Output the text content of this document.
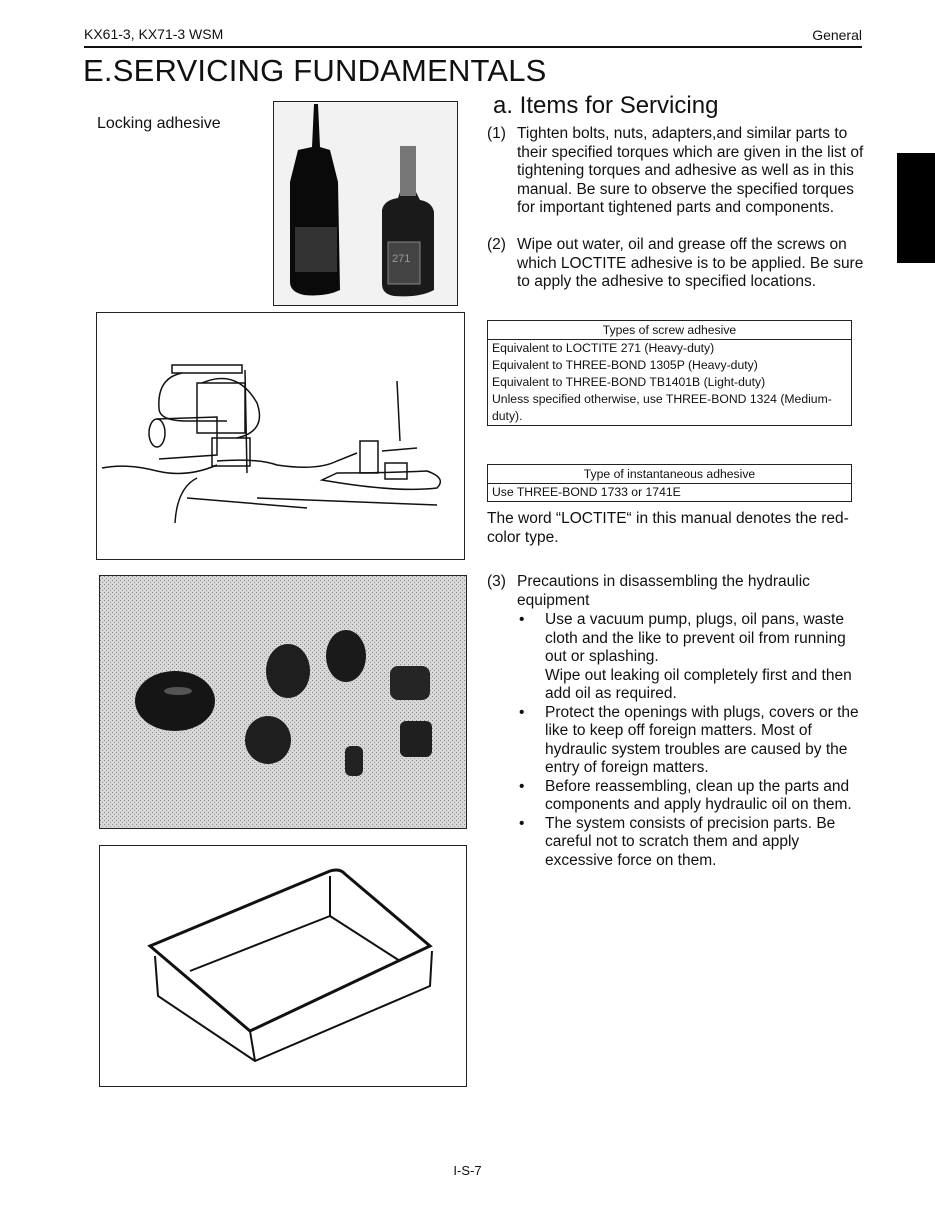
KX61-3, KX71-3 WSM	General
E.SERVICING FUNDAMENTALS
Locking adhesive
271
a. Items for Servicing
(1) Tighten bolts, nuts, adapters,and similar parts to their specified torques which are given in the list of tightening torques and adhesive as well as in this manual. Be sure to observe the specified torques for important tightened parts and components.
(2) Wipe out water, oil and grease off the screws on which LOCTITE adhesive is to be applied. Be sure to apply the adhesive to specified locations.
Types of screw adhesive
Equivalent to LOCTITE 271 (Heavy-duty)
Equivalent to THREE-BOND 1305P (Heavy-duty)
Equivalent to THREE-BOND TB1401B (Light-duty)
Unless specified otherwise, use THREE-BOND 1324 (Medium-duty).
Type of instantaneous adhesive
Use THREE-BOND 1733 or 1741E
The word “LOCTITE“ in this manual denotes the red-color type.
(3) Precautions in disassembling the hydraulic equipment
• Use a vacuum pump, plugs, oil pans, waste cloth and the like to prevent oil from running out or splashing.
Wipe out leaking oil completely first and then add oil as required.
• Protect the openings with plugs, covers or the like to keep off foreign matters. Most of hydraulic system troubles are caused by the entry of foreign matters.
• Before reassembling, clean up the parts and components and apply hydraulic oil on them.
• The system consists of precision parts. Be careful not to scratch them and apply excessive force on them.
I-S-7
